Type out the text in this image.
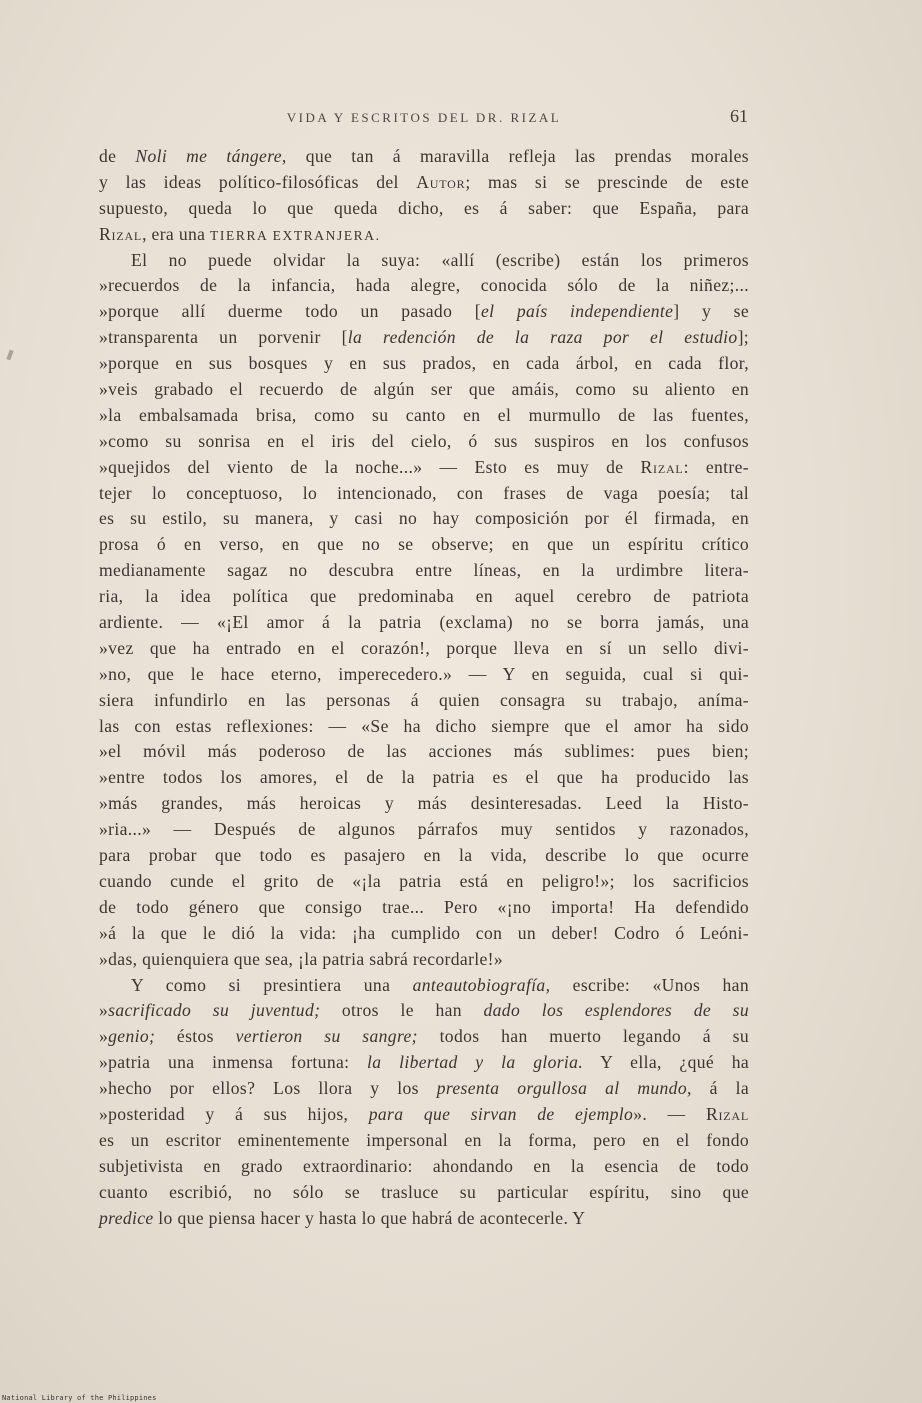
VIDA Y ESCRITOS DEL DR. RIZAL	61
de Noli me tángere, que tan á maravilla refleja las prendas morales
y las ideas político-filosóficas del Autor; mas si se prescinde de este
supuesto, queda lo que queda dicho, es á saber: que España, para
Rizal, era una TIERRA EXTRANJERA.
El no puede olvidar la suya: «allí (escribe) están los primeros
»recuerdos de la infancia, hada alegre, conocida sólo de la niñez;...
»porque allí duerme todo un pasado [el país independiente] y se
»transparenta un porvenir [la redención de la raza por el estudio];
»porque en sus bosques y en sus prados, en cada árbol, en cada flor,
»veis grabado el recuerdo de algún ser que amáis, como su aliento en
»la embalsamada brisa, como su canto en el murmullo de las fuentes,
»como su sonrisa en el iris del cielo, ó sus suspiros en los confusos
»quejidos del viento de la noche...» — Esto es muy de Rizal: entre-
tejer lo conceptuoso, lo intencionado, con frases de vaga poesía; tal
es su estilo, su manera, y casi no hay composición por él firmada, en
prosa ó en verso, en que no se observe; en que un espíritu crítico
medianamente sagaz no descubra entre líneas, en la urdimbre litera-
ria, la idea política que predominaba en aquel cerebro de patriota
ardiente. — «¡El amor á la patria (exclama) no se borra jamás, una
»vez que ha entrado en el corazón!, porque lleva en sí un sello divi-
»no, que le hace eterno, imperecedero.» — Y en seguida, cual si qui-
siera infundirlo en las personas á quien consagra su trabajo, aníma-
las con estas reflexiones: — «Se ha dicho siempre que el amor ha sido
»el móvil más poderoso de las acciones más sublimes: pues bien;
»entre todos los amores, el de la patria es el que ha producido las
»más grandes, más heroicas y más desinteresadas. Leed la Histo-
»ria...» — Después de algunos párrafos muy sentidos y razonados,
para probar que todo es pasajero en la vida, describe lo que ocurre
cuando cunde el grito de «¡la patria está en peligro!»; los sacrificios
de todo género que consigo trae... Pero «¡no importa! Ha defendido
»á la que le dió la vida: ¡ha cumplido con un deber! Codro ó Leóni-
»das, quienquiera que sea, ¡la patria sabrá recordarle!»
Y como si presintiera una anteautobiografía, escribe: «Unos han
»sacrificado su juventud; otros le han dado los esplendores de su
»genio; éstos vertieron su sangre; todos han muerto legando á su
»patria una inmensa fortuna: la libertad y la gloria. Y ella, ¿qué ha
»hecho por ellos? Los llora y los presenta orgullosa al mundo, á la
»posteridad y á sus hijos, para que sirvan de ejemplo». — Rizal
es un escritor eminentemente impersonal en la forma, pero en el fondo
subjetivista en grado extraordinario: ahondando en la esencia de todo
cuanto escribió, no sólo se trasluce su particular espíritu, sino que
predice lo que piensa hacer y hasta lo que habrá de acontecerle. Y
National Library of the Philippines
